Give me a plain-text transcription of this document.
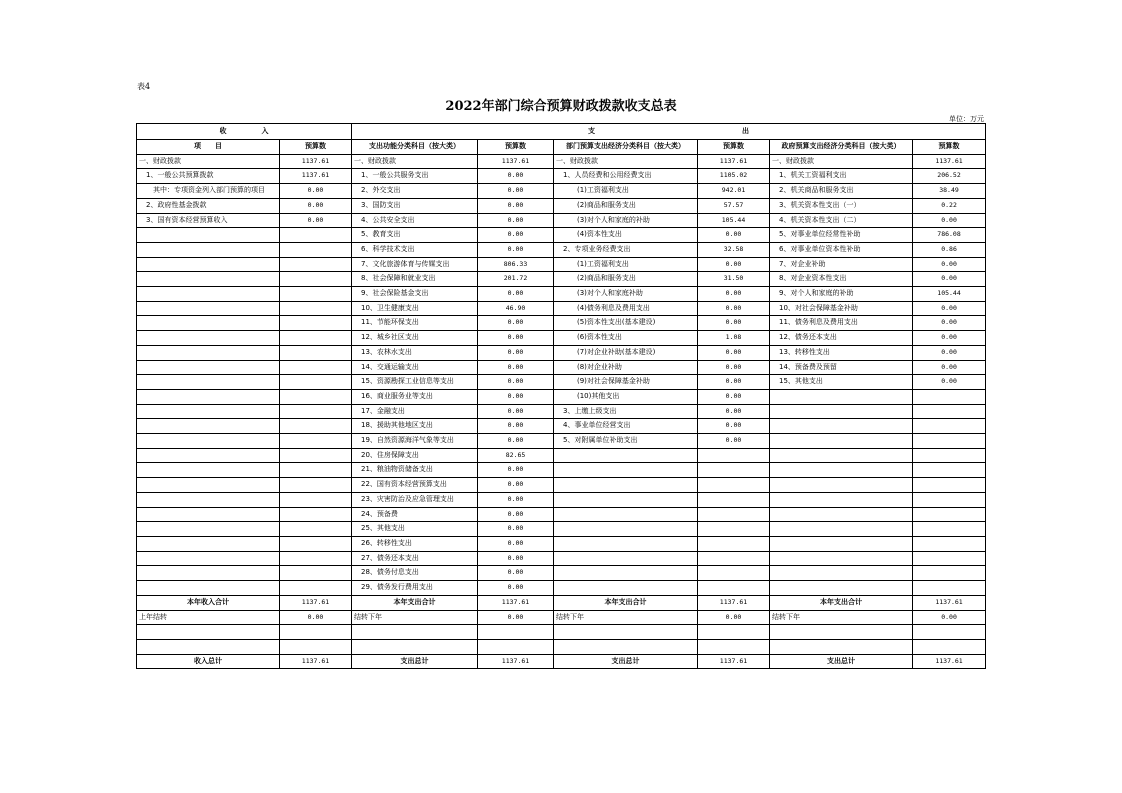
表4
2022年部门综合预算财政拨款收支总表
单位：万元
收　　　　　入		支　　　　　　　　　　　　　　　　　　　　　出					
项　　目	预算数	支出功能分类科目（按大类）	预算数	部门预算支出经济分类科目（按大类）	预算数	政府预算支出经济分类科目（按大类）	预算数
一、财政拨款	1137.61	一、财政拨款	1137.61	一、财政拨款	1137.61	一、财政拨款	1137.61
　1、一般公共预算拨款	1137.61	　1、一般公共服务支出	0.00	　1、人员经费和公用经费支出	1105.02	　1、机关工资福利支出	206.52
　　其中：专项资金列入部门预算的项目	0.00	　2、外交支出	0.00	　　　(1)工资福利支出	942.01	　2、机关商品和服务支出	38.49
　2、政府性基金拨款	0.00	　3、国防支出	0.00	　　　(2)商品和服务支出	57.57	　3、机关资本性支出（一）	0.22
　3、国有资本经营预算收入	0.00	　4、公共安全支出	0.00	　　　(3)对个人和家庭的补助	105.44	　4、机关资本性支出（二）	0.00
		　5、教育支出	0.00	　　　(4)资本性支出	0.00	　5、对事业单位经常性补助	786.08
		　6、科学技术支出	0.00	　2、专项业务经费支出	32.58	　6、对事业单位资本性补助	0.86
		　7、文化旅游体育与传媒支出	806.33	　　　(1)工资福利支出	0.00	　7、对企业补助	0.00
		　8、社会保障和就业支出	201.72	　　　(2)商品和服务支出	31.50	　8、对企业资本性支出	0.00
		　9、社会保险基金支出	0.00	　　　(3)对个人和家庭补助	0.00	　9、对个人和家庭的补助	105.44
		　10、卫生健康支出	46.90	　　　(4)债务利息及费用支出	0.00	　10、对社会保障基金补助	0.00
		　11、节能环保支出	0.00	　　　(5)资本性支出(基本建设)	0.00	　11、债务利息及费用支出	0.00
		　12、城乡社区支出	0.00	　　　(6)资本性支出	1.08	　12、债务还本支出	0.00
		　13、农林水支出	0.00	　　　(7)对企业补助(基本建设)	0.00	　13、转移性支出	0.00
		　14、交通运输支出	0.00	　　　(8)对企业补助	0.00	　14、预备费及预留	0.00
		　15、资源勘探工业信息等支出	0.00	　　　(9)对社会保障基金补助	0.00	　15、其他支出	0.00
		　16、商业服务业等支出	0.00	　　　(10)其他支出	0.00		
		　17、金融支出	0.00	　3、上缴上级支出	0.00		
		　18、援助其他地区支出	0.00	　4、事业单位经营支出	0.00		
		　19、自然资源海洋气象等支出	0.00	　5、对附属单位补助支出	0.00		
		　20、住房保障支出	82.65				
		　21、粮油物资储备支出	0.00				
		　22、国有资本经营预算支出	0.00				
		　23、灾害防治及应急管理支出	0.00				
		　24、预备费	0.00				
		　25、其他支出	0.00				
		　26、转移性支出	0.00				
		　27、债务还本支出	0.00				
		　28、债务付息支出	0.00				
		　29、债务发行费用支出	0.00				
本年收入合计	1137.61	本年支出合计	1137.61	本年支出合计	1137.61	本年支出合计	1137.61
上年结转	0.00	结转下年	0.00	结转下年	0.00	结转下年	0.00

收入总计	1137.61	支出总计	1137.61	支出总计	1137.61	支出总计	1137.61
